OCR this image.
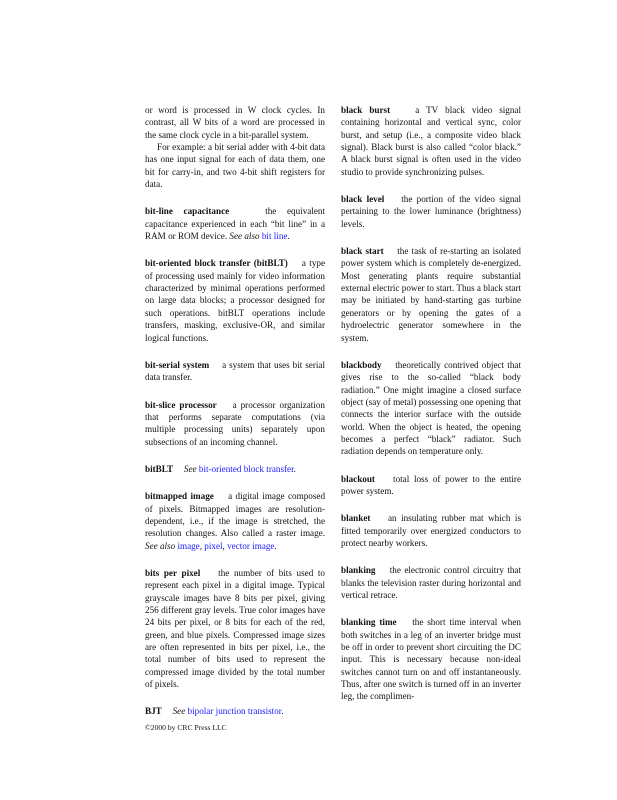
or word is processed in W clock cycles. In contrast, all W bits of a word are processed in the same clock cycle in a bit-parallel system.

For example: a bit serial adder with 4-bit data has one input signal for each of data them, one bit for carry-in, and two 4-bit shift registers for data.

bit-line capacitance	the equivalent capacitance experienced in each “bit line” in a RAM or ROM device. See also bit line.
bit-oriented block transfer (bitBLT) a type of processing used mainly for video information characterized by minimal operations performed on large data blocks; a processor designed for such operations. bitBLT operations include transfers, masking, exclusive-OR, and similar logical functions.
bit-serial system a system that uses bit serial data transfer.
bit-slice processor a processor organization that performs separate computations (via multiple processing units) separately upon subsections of an incoming channel.
bitBLT See bit-oriented block transfer.
bitmapped image a digital image composed of pixels. Bitmapped images are resolution-dependent, i.e., if the image is stretched, the resolution changes. Also called a raster image. See also image, pixel, vector image.
bits per pixel the number of bits used to represent each pixel in a digital image. Typical grayscale images have 8 bits per pixel, giving 256 different gray levels. True color images have 24 bits per pixel, or 8 bits for each of the red, green, and blue pixels. Compressed image sizes are often represented in bits per pixel, i.e., the total number of bits used to represent the compressed image divided by the total number of pixels.
BJT See bipolar junction transistor.
black burst	a TV black video signal containing horizontal and vertical sync, color burst, and setup (i.e., a composite video black signal). Black burst is also called “color black.” A black burst signal is often used in the video studio to provide synchronizing pulses.
black level the portion of the video signal pertaining to the lower luminance (brightness) levels.
black start the task of re-starting an isolated power system which is completely de-energized. Most generating plants require substantial external electric power to start. Thus a black start may be initiated by hand-starting gas turbine generators or by opening the gates of a hydroelectric generator somewhere in the system.
blackbody theoretically contrived object that gives rise to the so-called “black body radiation.” One might imagine a closed surface object (say of metal) possessing one opening that connects the interior surface with the outside world. When the object is heated, the opening becomes a perfect “black” radiator. Such radiation depends on temperature only.
blackout total loss of power to the entire power system.
blanket an insulating rubber mat which is fitted temporarily over energized conductors to protect nearby workers.
blanking the electronic control circuitry that blanks the television raster during horizontal and vertical retrace.
blanking time the short time interval when both switches in a leg of an inverter bridge must be off in order to prevent short circuiting the DC input. This is necessary because non-ideal switches cannot turn on and off instantaneously. Thus, after one switch is turned off in an inverter leg, the complimen-
©2000 by CRC Press LLC
